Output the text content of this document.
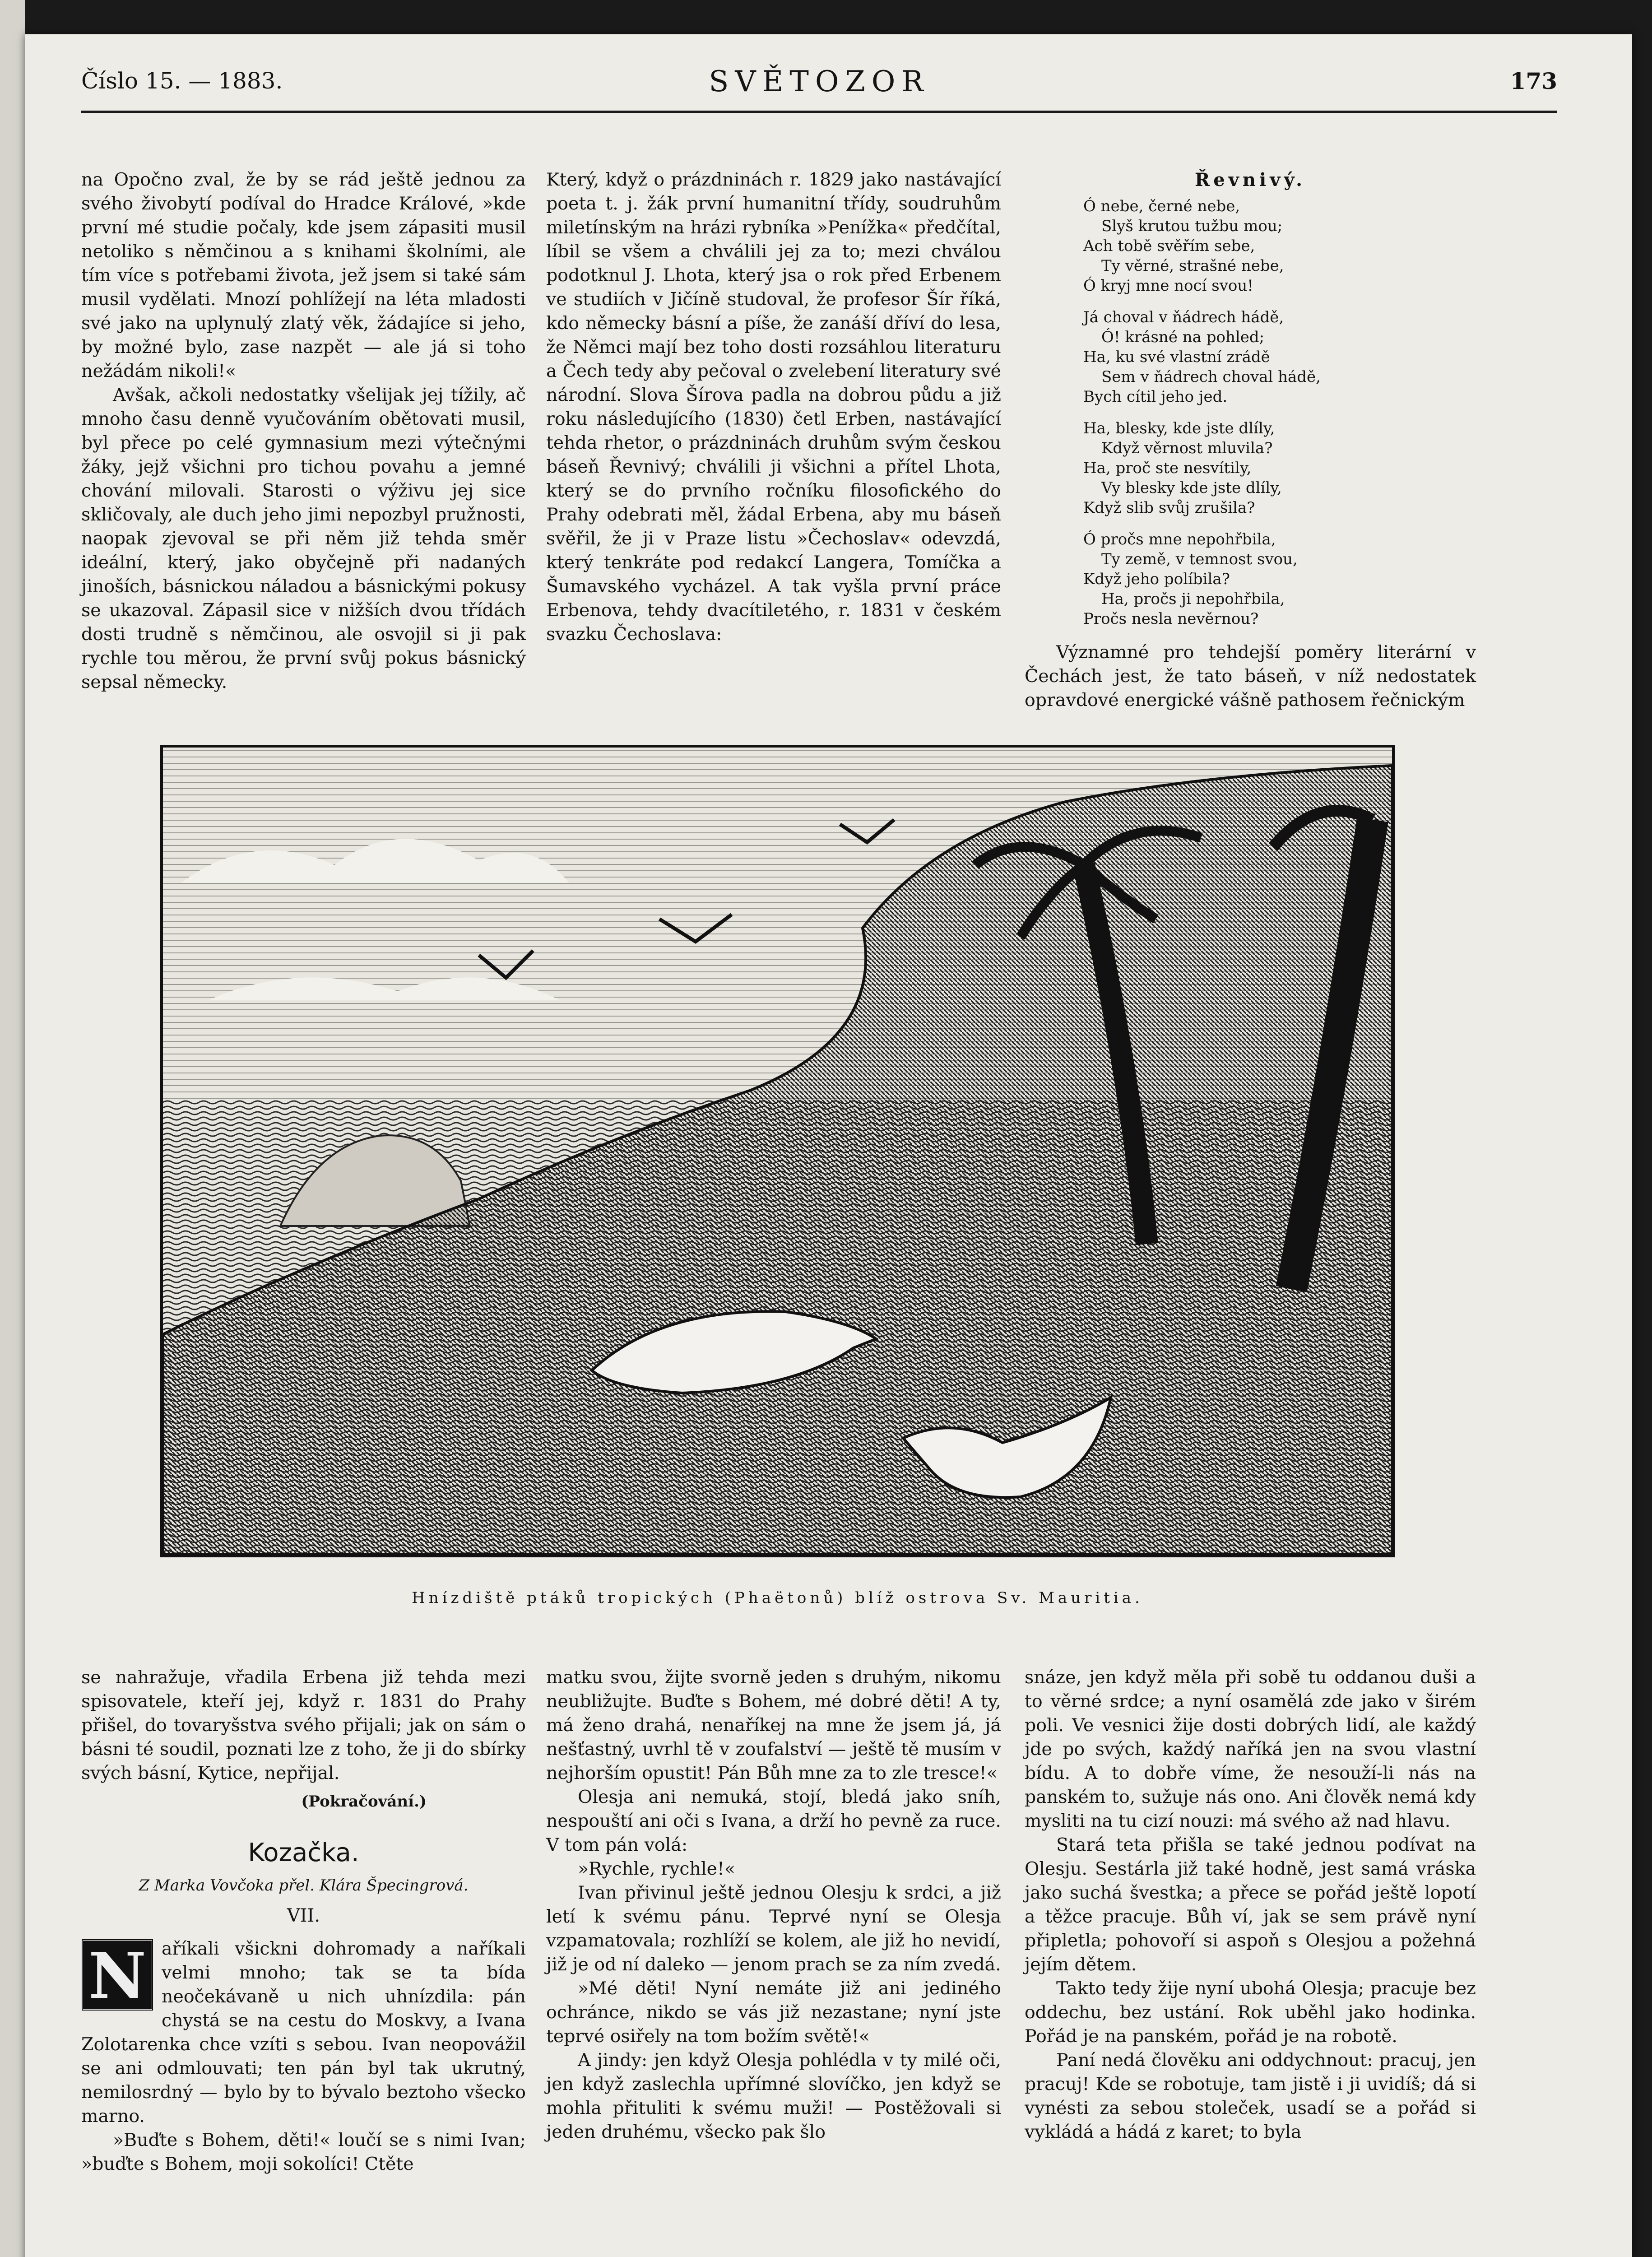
Číslo 15. — 1883.	SVĚTOZOR	173

na Opočno zval, že by se rád ještě jednou za svého živobytí podíval do Hradce Králové, »kde první mé studie počaly, kde jsem zápasiti musil netoliko s němčinou a s knihami školními, ale tím více s potřebami života, jež jsem si také sám musil vydělati. Mnozí pohlížejí na léta mladosti své jako na uplynulý zlatý věk, žádajíce si jeho, by možné bylo, zase nazpět — ale já si toho nežádám nikoli!«

Avšak, ačkoli nedostatky všelijak jej tížily, ač mnoho času denně vyučováním obětovati musil, byl přece po celé gymnasium mezi výtečnými žáky, jejž všichni pro tichou povahu a jemné chování milovali. Starosti o výživu jej sice skličovaly, ale duch jeho jimi nepozbyl pružnosti, naopak zjevoval se při něm již tehda směr ideální, který, jako obyčejně při nadaných jinoších, básnickou náladou a básnickými pokusy se ukazoval. Zápasil sice v nižších dvou třídách dosti trudně s němčinou, ale osvojil si ji pak rychle tou měrou, že první svůj pokus básnický sepsal německy.

Který, když o prázdninách r. 1829 jako nastávající poeta t. j. žák první humanitní třídy, soudruhům miletínským na hrázi rybníka »Penížka« předčítal, líbil se všem a chválili jej za to; mezi chválou podotknul J. Lhota, který jsa o rok před Erbenem ve studiích v Jičíně studoval, že profesor Šír říká, kdo německy básní a píše, že zanáší dříví do lesa, že Němci mají bez toho dosti rozsáhlou literaturu a Čech tedy aby pečoval o zvelebení literatury své národní. Slova Šírova padla na dobrou půdu a již roku následujícího (1830) četl Erben, nastávající tehda rhetor, o prázdninách druhům svým českou báseň Řevnivý; chválili ji všichni a přítel Lhota, který se do prvního ročníku filosofického do Prahy odebrati měl, žádal Erbena, aby mu báseň svěřil, že ji v Praze listu »Čechoslav« odevzdá, který tenkráte pod redakcí Langera, Tomíčka a Šumavského vycházel. A tak vyšla první práce Erbenova, tehdy dvacítiletého, r. 1831 v českém svazku Čechoslava:

Řevnivý.
Ó nebe, černé nebe,
Slyš krutou tužbu mou;
Ach tobě svěřím sebe,
Ty věrné, strašné nebe,
Ó kryj mne nocí svou!
Já choval v ňádrech hádě,
Ó! krásné na pohled;
Ha, ku své vlastní zrádě
Sem v ňádrech choval hádě,
Bych cítil jeho jed.
Ha, blesky, kde jste dlíly,
Když věrnost mluvila?
Ha, proč ste nesvítily,
Vy blesky kde jste dlíly,
Když slib svůj zrušila?
Ó pročs mne nepohřbila,
Ty země, v temnost svou,
Když jeho políbila?
Ha, pročs ji nepohřbila,
Pročs nesla nevěrnou?

Významné pro tehdejší poměry literární v Čechách jest, že tato báseň, v níž nedostatek opravdové energické vášně pathosem řečnickým

Hnízdiště ptáků tropických (Phaëtonů) blíž ostrova Sv. Mauritia.

se nahražuje, vřadila Erbena již tehda mezi spisovatele, kteří jej, když r. 1831 do Prahy přišel, do tovaryšstva svého přijali; jak on sám o básni té soudil, poznati lze z toho, že ji do sbírky svých básní, Kytice, nepřijal.

(Pokračování.)
Kozačka.
Z Marka Vovčoka přel. Klára Špecingrová.
VII.

N aříkali všickni dohromady a naříkali velmi mnoho; tak se ta bída neočekávaně u nich uhnízdila: pán chystá se na cestu do Moskvy, a Ivana Zolotarenka chce vzíti s sebou. Ivan neopovážil se ani odmlouvati; ten pán byl tak ukrutný, nemilosrdný — bylo by to bývalo beztoho všecko marno.

»Buďte s Bohem, děti!« loučí se s nimi Ivan; »buďte s Bohem, moji sokolíci! Ctěte

matku svou, žijte svorně jeden s druhým, nikomu neubližujte. Buďte s Bohem, mé dobré děti! A ty, má ženo drahá, nenaříkej na mne že jsem já, já nešťastný, uvrhl tě v zoufalství — ještě tě musím v nejhorším opustit! Pán Bůh mne za to zle tresce!«

Olesja ani nemuká, stojí, bledá jako sníh, nespouští ani oči s Ivana, a drží ho pevně za ruce. V tom pán volá:

»Rychle, rychle!«

Ivan přivinul ještě jednou Olesju k srdci, a již letí k svému pánu. Teprvé nyní se Olesja vzpamatovala; rozhlíží se kolem, ale již ho nevidí, již je od ní daleko — jenom prach se za ním zvedá.

»Mé děti! Nyní nemáte již ani jediného ochránce, nikdo se vás již nezastane; nyní jste teprvé osiřely na tom božím světě!«

A jindy: jen když Olesja pohlédla v ty milé oči, jen když zaslechla upřímné slovíčko, jen když se mohla přituliti k svému muži! — Postěžovali si jeden druhému, všecko pak šlo

snáze, jen když měla při sobě tu oddanou duši a to věrné srdce; a nyní osamělá zde jako v širém poli. Ve vesnici žije dosti dobrých lidí, ale každý jde po svých, každý naříká jen na svou vlastní bídu. A to dobře víme, že nesouží-li nás na panském to, sužuje nás ono. Ani člověk nemá kdy mysliti na tu cizí nouzi: má svého až nad hlavu.

Stará teta přišla se také jednou podívat na Olesju. Sestárla již také hodně, jest samá vráska jako suchá švestka; a přece se pořád ještě lopotí a těžce pracuje. Bůh ví, jak se sem právě nyní připletla; pohovoří si aspoň s Olesjou a požehná jejím dětem.

Takto tedy žije nyní ubohá Olesja; pracuje bez oddechu, bez ustání. Rok uběhl jako hodinka. Pořád je na panském, pořád je na robotě.

Paní nedá člověku ani oddychnout: pracuj, jen pracuj! Kde se robotuje, tam jistě i ji uvidíš; dá si vynésti za sebou stoleček, usadí se a pořád si vykládá a hádá z karet; to byla
